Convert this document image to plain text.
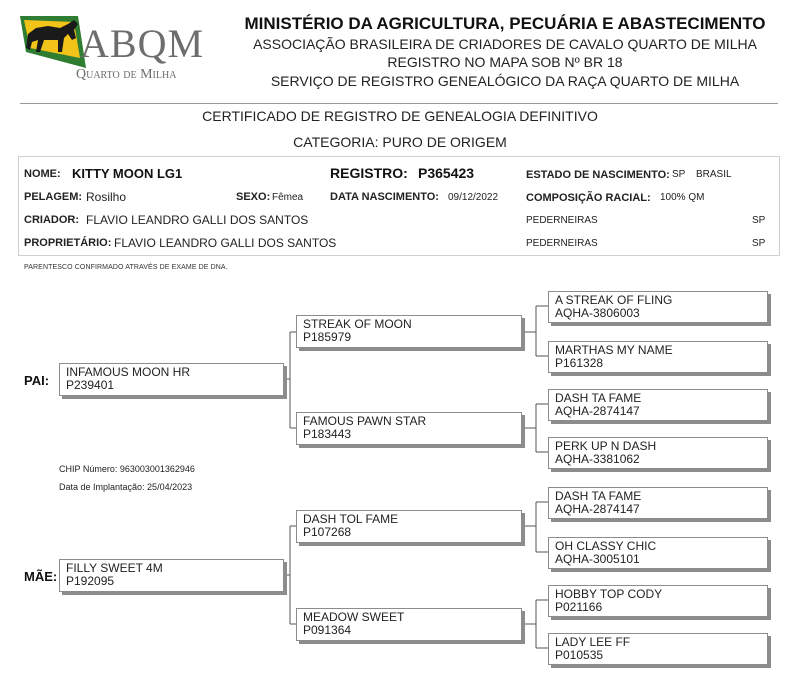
ABQM
Quarto de Milha
MINISTÉRIO DA AGRICULTURA, PECUÁRIA E ABASTECIMENTO
ASSOCIAÇÃO BRASILEIRA DE CRIADORES DE CAVALO QUARTO DE MILHA
REGISTRO NO MAPA SOB Nº BR 18
SERVIÇO DE REGISTRO GENEALÓGICO DA RAÇA QUARTO DE MILHA
CERTIFICADO DE REGISTRO DE GENEALOGIA DEFINITIVO
CATEGORIA: PURO DE ORIGEM
NOME: KITTY MOON LG1	REGISTRO: P365423	ESTADO DE NASCIMENTO: SP BRASIL
PELAGEM: Rosilho	SEXO: Fêmea DATA NASCIMENTO: 09/12/2022	COMPOSIÇÃO RACIAL: 100% QM
CRIADOR: FLAVIO LEANDRO GALLI DOS SANTOS	PEDERNEIRAS	SP
PROPRIETÁRIO: FLAVIO LEANDRO GALLI DOS SANTOS	PEDERNEIRAS	SP
PARENTESCO CONFIRMADO ATRAVÉS DE EXAME DE DNA.
PAI:
MÃE:
INFAMOUS MOON HR
P239401
FILLY SWEET 4M
P192095
STREAK OF MOON
P185979
FAMOUS PAWN STAR
P183443
DASH TOL FAME
P107268
MEADOW SWEET
P091364
A STREAK OF FLING
AQHA-3806003
MARTHAS MY NAME
P161328
DASH TA FAME
AQHA-2874147
PERK UP N DASH
AQHA-3381062
DASH TA FAME
AQHA-2874147
OH CLASSY CHIC
AQHA-3005101
HOBBY TOP CODY
P021166
LADY LEE FF
P010535
CHIP Número: 963003001362946
Data de Implantação: 25/04/2023
